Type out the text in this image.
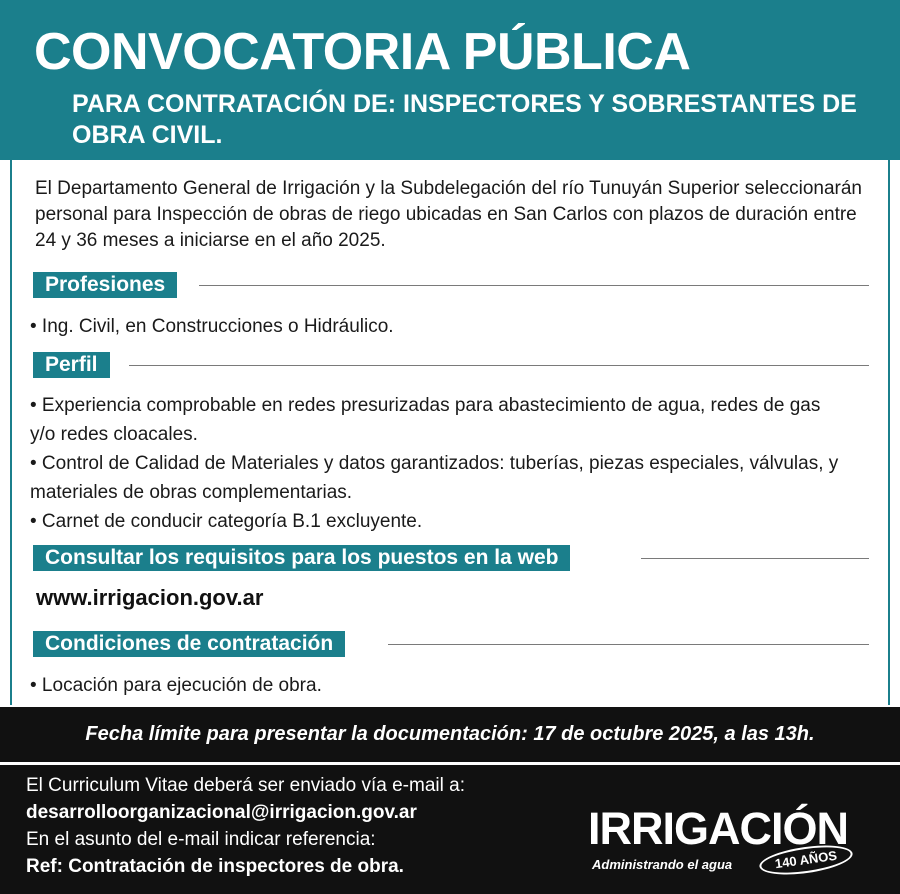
CONVOCATORIA PÚBLICA
PARA CONTRATACIÓN DE: INSPECTORES Y SOBRESTANTES DE OBRA CIVIL.
El Departamento General de Irrigación y la Subdelegación del río Tunuyán Superior seleccionarán personal para Inspección de obras de riego ubicadas en San Carlos con plazos de duración entre 24 y 36 meses a iniciarse en el año 2025.
Profesiones
• Ing. Civil, en Construcciones o Hidráulico.
Perfil
• Experiencia comprobable en redes presurizadas para abastecimiento de agua, redes de gas y/o redes cloacales.
• Control de Calidad de Materiales y datos garantizados: tuberías, piezas especiales, válvulas, y materiales de obras complementarias.
• Carnet de conducir categoría B.1 excluyente.
Consultar los requisitos para los puestos en la web
www.irrigacion.gov.ar
Condiciones de contratación
• Locación para ejecución de obra.
Fecha límite para presentar la documentación: 17 de octubre 2025, a las 13h.
El Curriculum Vitae deberá ser enviado vía e-mail a:
desarrolloorganizacional@irrigacion.gov.ar
En el asunto del e-mail indicar referencia:
Ref: Contratación de inspectores de obra.
IRRIGACIÓN
Administrando el agua	140 AÑOS
